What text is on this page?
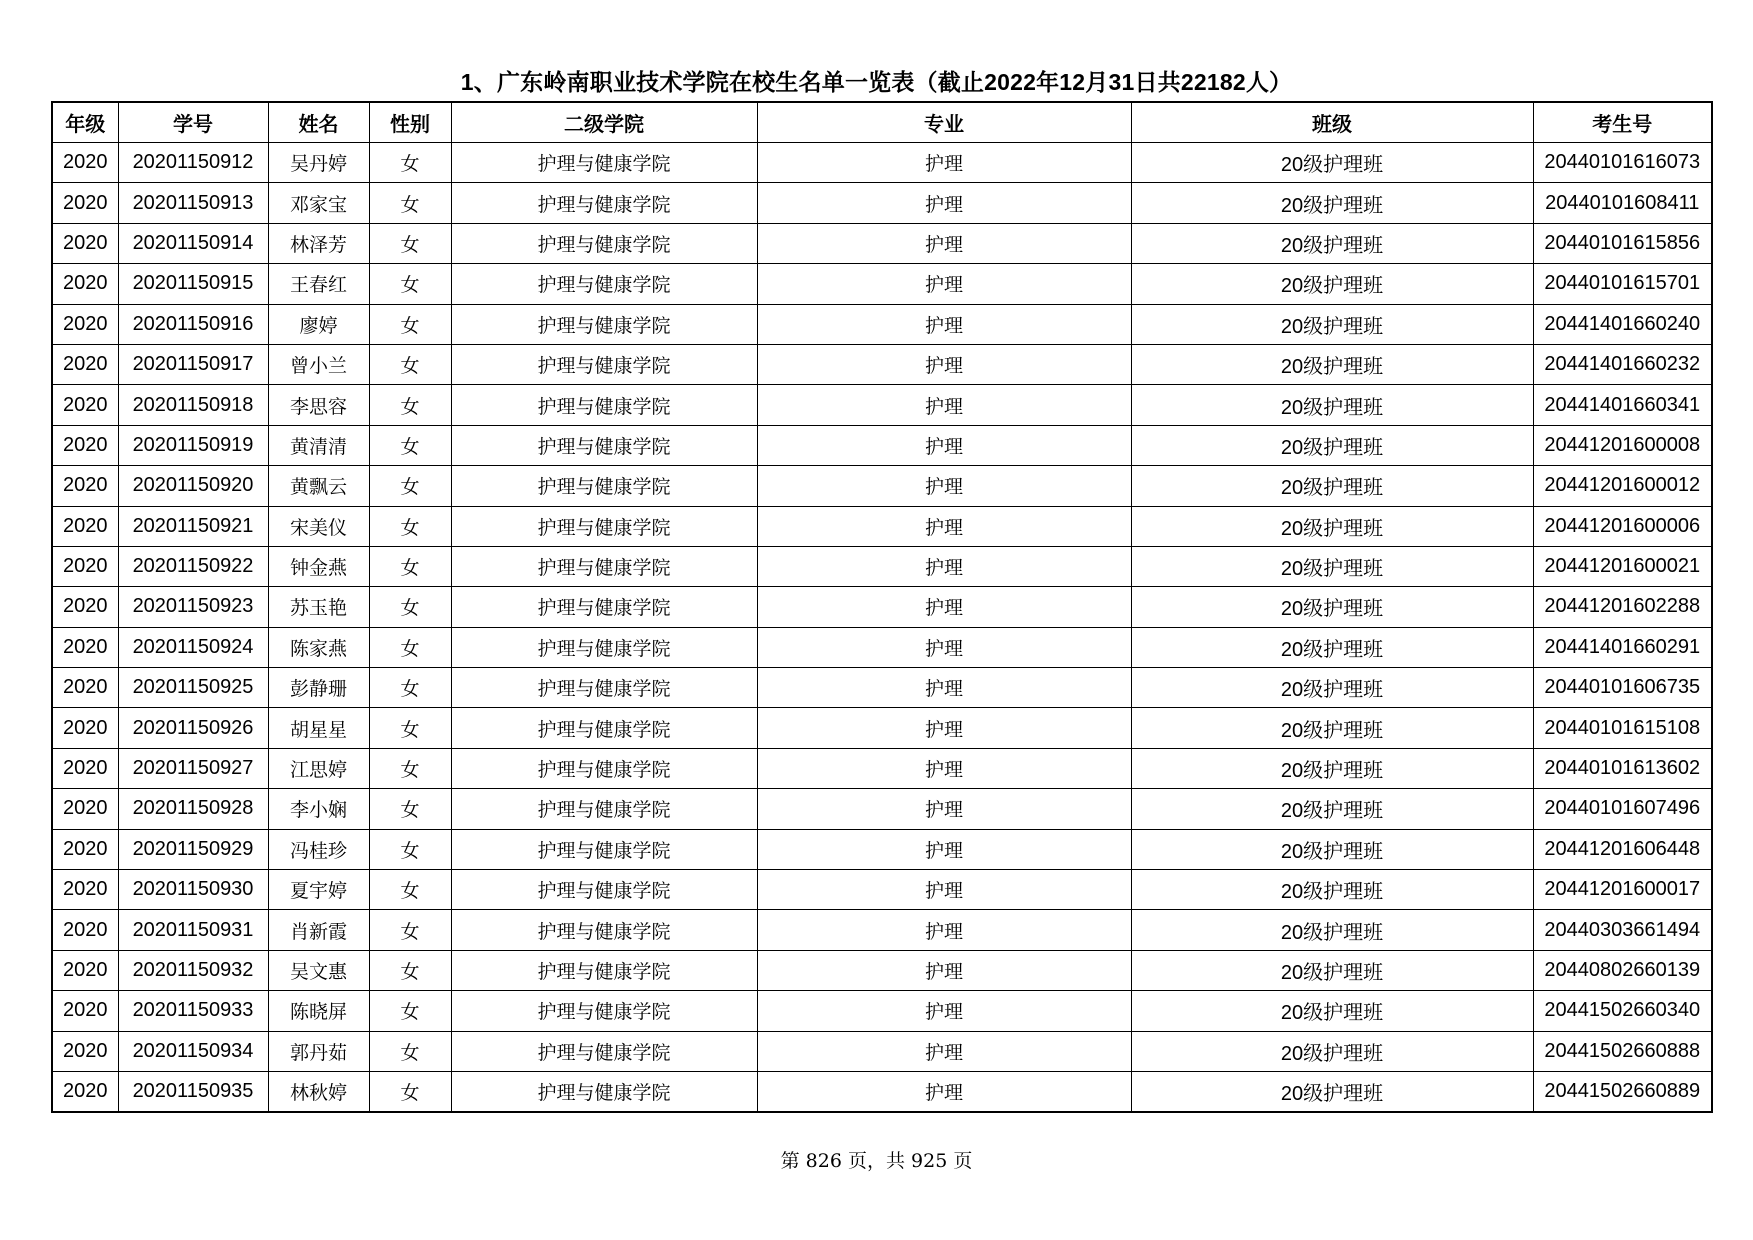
1、广东岭南职业技术学院在校生名单一览表（截止2022年12月31日共22182人）
年级	学号	姓名	性别	二级学院	专业	班级	考生号
2020	20201150912	吴丹婷	女	护理与健康学院	护理	20级护理班	20440101616073
2020	20201150913	邓家宝	女	护理与健康学院	护理	20级护理班	20440101608411
2020	20201150914	林泽芳	女	护理与健康学院	护理	20级护理班	20440101615856
2020	20201150915	王春红	女	护理与健康学院	护理	20级护理班	20440101615701
2020	20201150916	廖婷	女	护理与健康学院	护理	20级护理班	20441401660240
2020	20201150917	曾小兰	女	护理与健康学院	护理	20级护理班	20441401660232
2020	20201150918	李思容	女	护理与健康学院	护理	20级护理班	20441401660341
2020	20201150919	黄清清	女	护理与健康学院	护理	20级护理班	20441201600008
2020	20201150920	黄飘云	女	护理与健康学院	护理	20级护理班	20441201600012
2020	20201150921	宋美仪	女	护理与健康学院	护理	20级护理班	20441201600006
2020	20201150922	钟金燕	女	护理与健康学院	护理	20级护理班	20441201600021
2020	20201150923	苏玉艳	女	护理与健康学院	护理	20级护理班	20441201602288
2020	20201150924	陈家燕	女	护理与健康学院	护理	20级护理班	20441401660291
2020	20201150925	彭静珊	女	护理与健康学院	护理	20级护理班	20440101606735
2020	20201150926	胡星星	女	护理与健康学院	护理	20级护理班	20440101615108
2020	20201150927	江思婷	女	护理与健康学院	护理	20级护理班	20440101613602
2020	20201150928	李小娴	女	护理与健康学院	护理	20级护理班	20440101607496
2020	20201150929	冯桂珍	女	护理与健康学院	护理	20级护理班	20441201606448
2020	20201150930	夏宇婷	女	护理与健康学院	护理	20级护理班	20441201600017
2020	20201150931	肖新霞	女	护理与健康学院	护理	20级护理班	20440303661494
2020	20201150932	吴文惠	女	护理与健康学院	护理	20级护理班	20440802660139
2020	20201150933	陈晓屏	女	护理与健康学院	护理	20级护理班	20441502660340
2020	20201150934	郭丹茹	女	护理与健康学院	护理	20级护理班	20441502660888
2020	20201150935	林秋婷	女	护理与健康学院	护理	20级护理班	20441502660889
第 826 页，共 925 页
